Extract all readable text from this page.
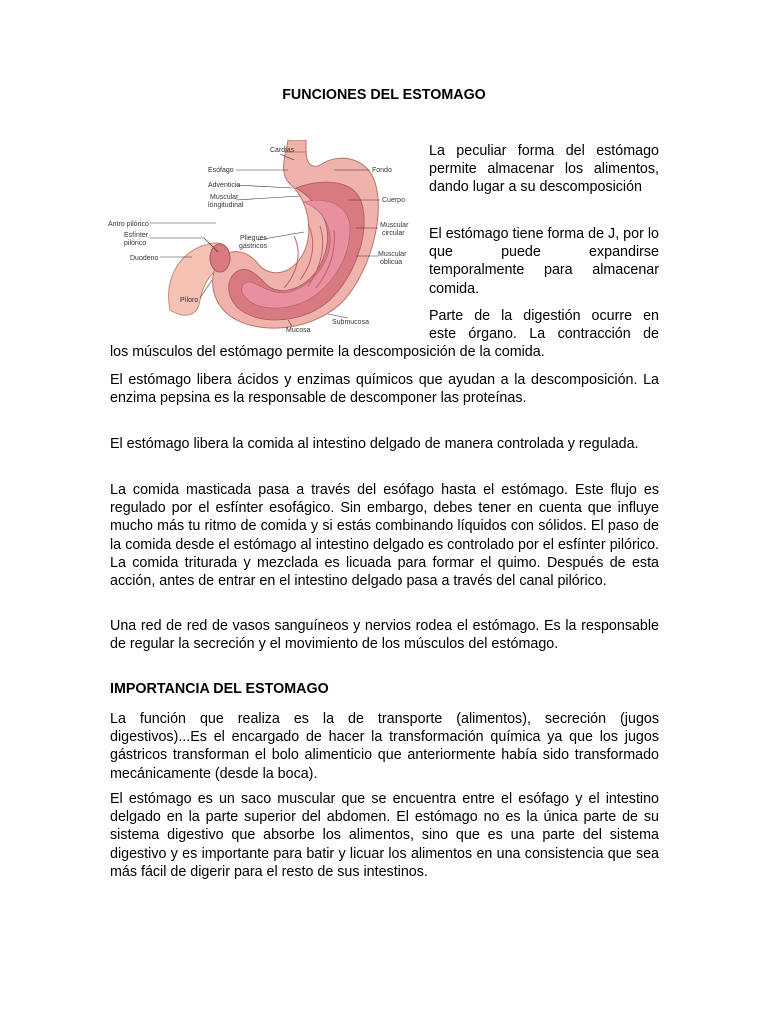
FUNCIONES DEL ESTOMAGO
Cardias
Esófago	Fondo
Adventicia
Muscular
longitudinal
Cuerpo
Antro pilórico
Esfínter
pilórico
Pliegues
gástricos
Muscular
circular
Duodeno
Muscular
oblicua
Píloro
Submucosa
Mucosa

La peculiar forma del estómago permite almacenar los alimentos, dando lugar a su descomposición

El estómago tiene forma de J, por lo que puede expandirse temporalmente para almacenar comida.

Parte de la digestión ocurre en
este órgano. La contracción de
los músculos del estómago permite la descomposición de la comida.

El estómago libera ácidos y enzimas químicos que ayudan a la descomposición. La enzima pepsina es la responsable de descomponer las proteínas.

El estómago libera la comida al intestino delgado de manera controlada y regulada.

La comida masticada pasa a través del esófago hasta el estómago. Este flujo es regulado por el esfínter esofágico. Sin embargo, debes tener en cuenta que influye mucho más tu ritmo de comida y si estás combinando líquidos con sólidos. El paso de la comida desde el estómago al intestino delgado es controlado por el esfínter pilórico. La comida triturada y mezclada es licuada para formar el quimo. Después de esta acción, antes de entrar en el intestino delgado pasa a través del canal pilórico.

Una red de red de vasos sanguíneos y nervios rodea el estómago. Es la responsable de regular la secreción y el movimiento de los músculos del estómago.

IMPORTANCIA DEL ESTOMAGO

La función que realiza es la de transporte (alimentos), secreción (jugos digestivos)...Es el encargado de hacer la transformación química ya que los jugos gástricos transforman el bolo alimenticio que anteriormente había sido transformado mecánicamente (desde la boca).

El estómago es un saco muscular que se encuentra entre el esófago y el intestino delgado en la parte superior del abdomen. El estómago no es la única parte de su sistema digestivo que absorbe los alimentos, sino que es una parte del sistema digestivo y es importante para batir y licuar los alimentos en una consistencia que sea más fácil de digerir para el resto de sus intestinos.
